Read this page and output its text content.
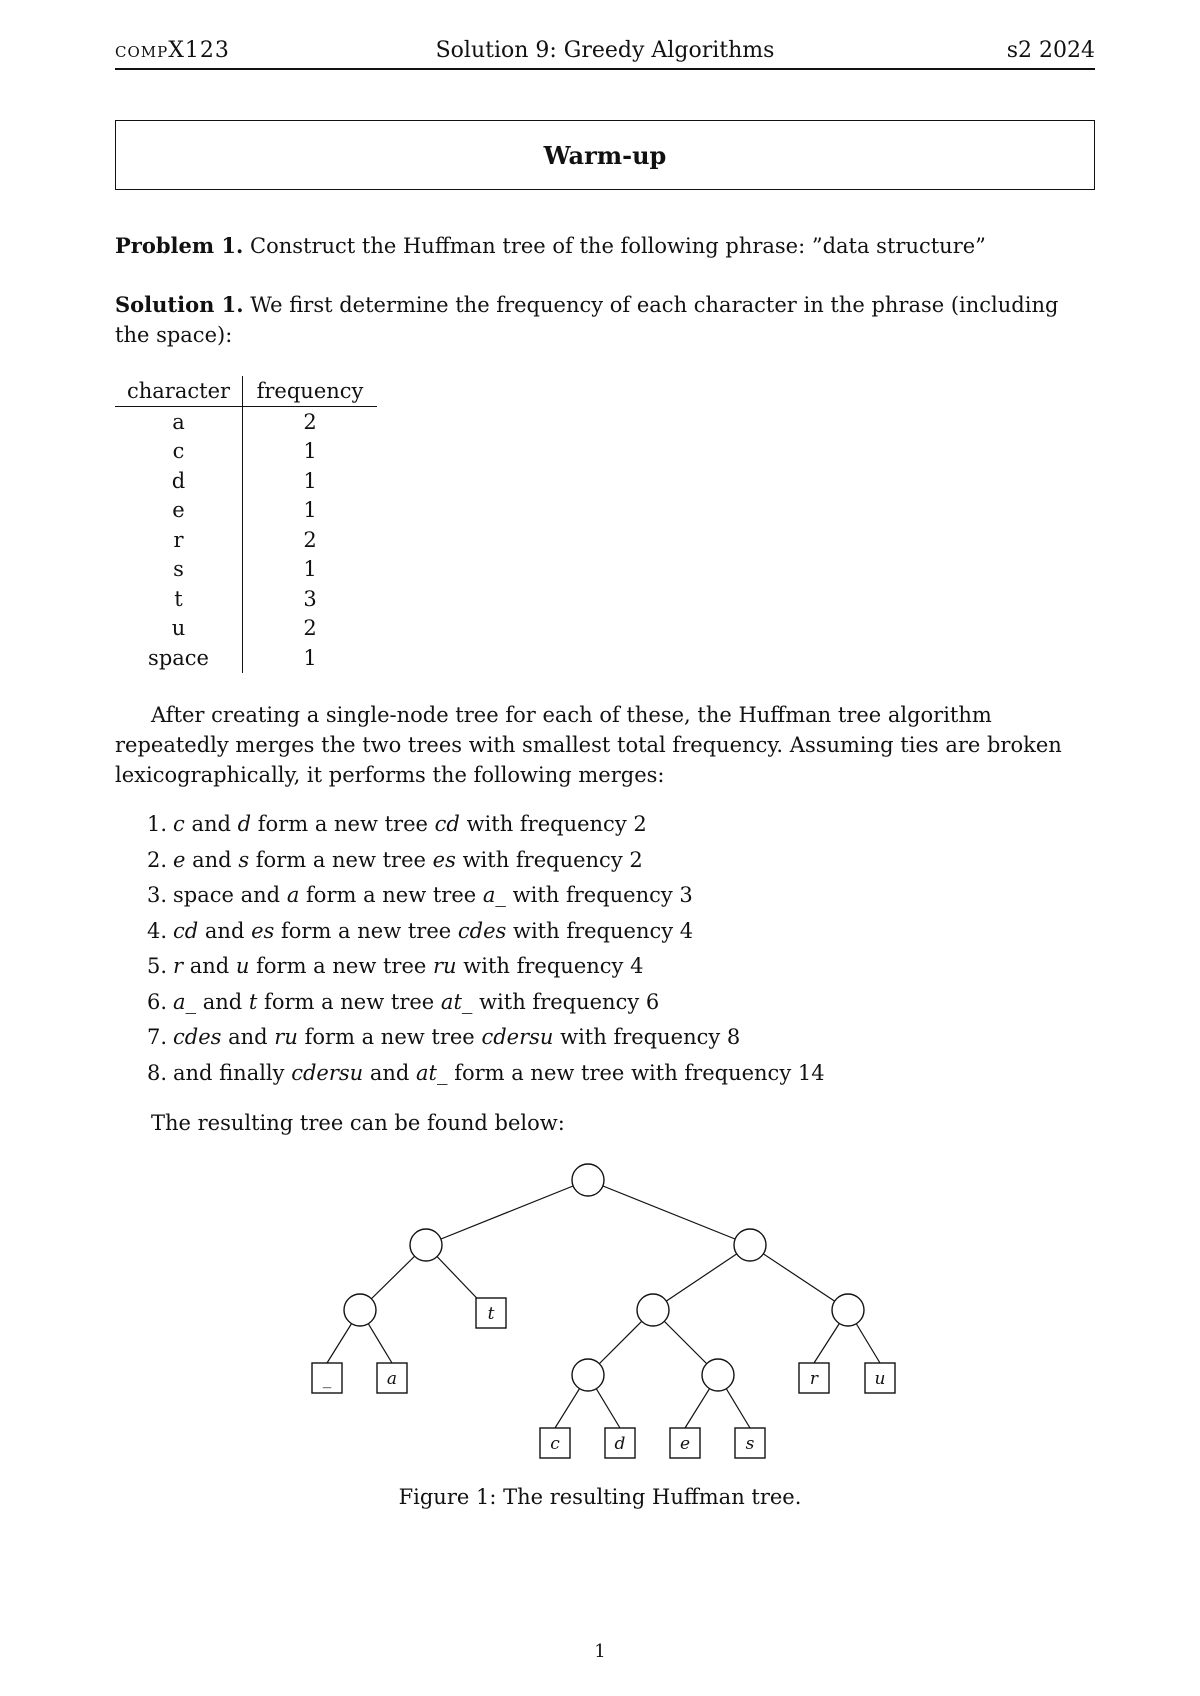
compX123	Solution 9: Greedy Algorithms	s2 2024
Warm-up
Problem 1. Construct the Huffman tree of the following phrase: ”data structure”
Solution 1. We first determine the frequency of each character in the phrase (including the space):
character	frequency
a	2
c	1
d	1
e	1
r	2
s	1
t	3
u	2
space	1
After creating a single-node tree for each of these, the Huffman tree algorithm repeatedly merges the two trees with smallest total frequency. Assuming ties are broken lexicographically, it performs the following merges:
1. c and d form a new tree cd with frequency 2
2. e and s form a new tree es with frequency 2
3. space and a form a new tree a_ with frequency 3
4. cd and es form a new tree cdes with frequency 4
5. r and u form a new tree ru with frequency 4
6. a_ and t form a new tree at_ with frequency 6
7. cdes and ru form a new tree cdersu with frequency 8
8. and finally cdersu and at_ form a new tree with frequency 14
The resulting tree can be found below:
t
_	a	r	u
c	d	e	s
Figure 1: The resulting Huffman tree.
1
